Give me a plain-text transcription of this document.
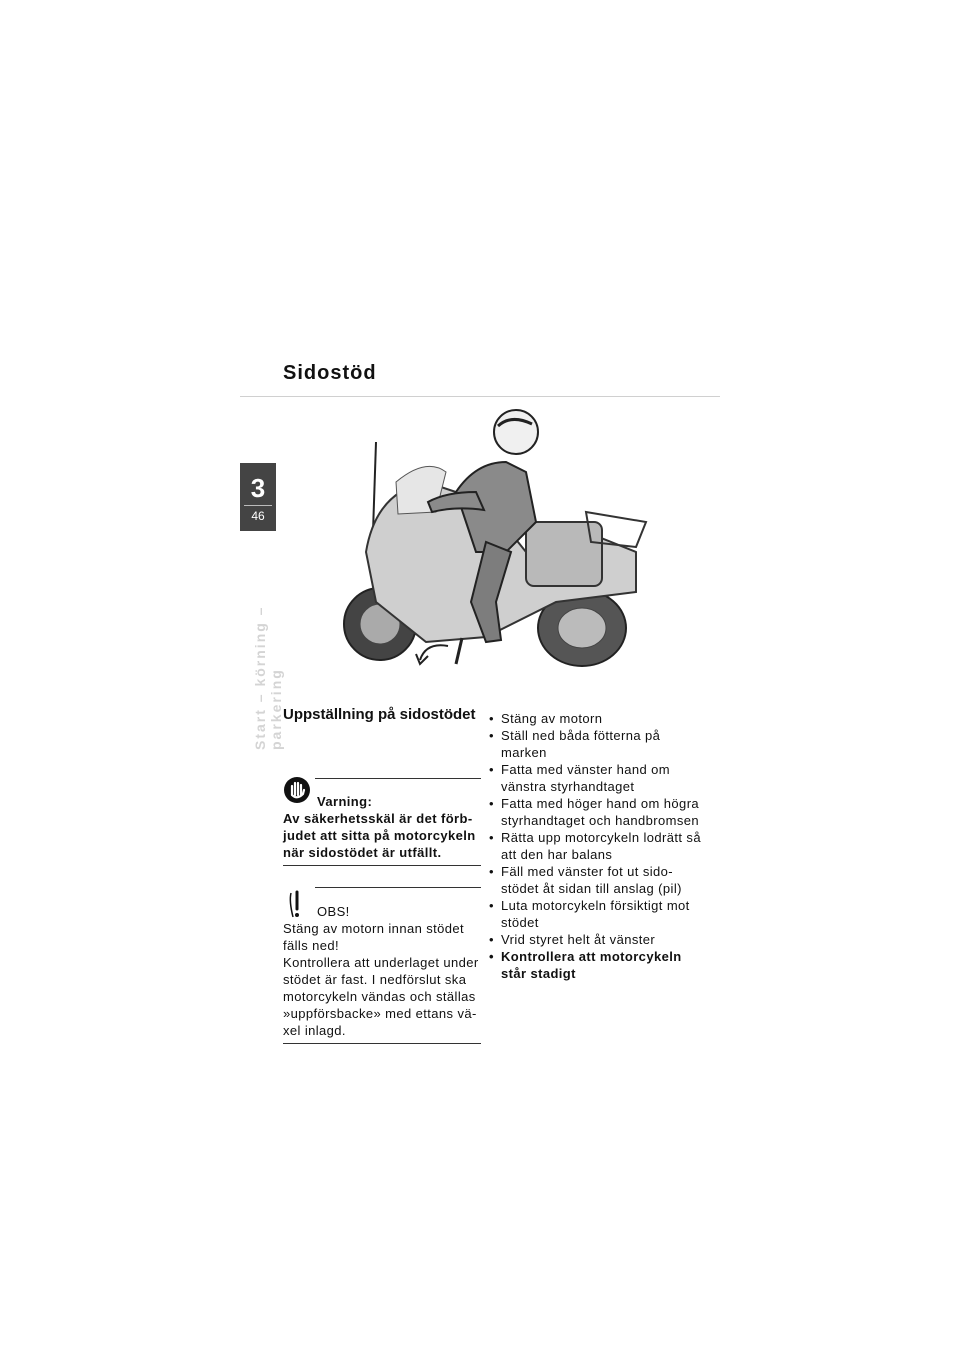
Sidostöd
3
46
Start – körning – parkering Uppställning på sidostödet
Varning:
Av säkerhetsskäl är det förb-
judet att sitta på motorcykeln
när sidostödet är utfällt.
OBS!
Stäng av motorn innan stödet
fälls ned!
Kontrollera att underlaget under
stödet är fast. I nedförslut ska
motorcykeln vändas och ställas
»uppförsbacke» med ettans vä-
xel inlagd.
• Stäng av motorn
• Ställ ned båda fötterna på marken
• Fatta med vänster hand om vänstra styrhandtaget
• Fatta med höger hand om högra styrhandtaget och handbromsen
• Rätta upp motorcykeln lodrätt så att den har balans
• Fäll med vänster fot ut sido-stödet åt sidan till anslag (pil)
• Luta motorcykeln försiktigt mot stödet
• Vrid styret helt åt vänster
• Kontrollera att motorcykeln står stadigt
